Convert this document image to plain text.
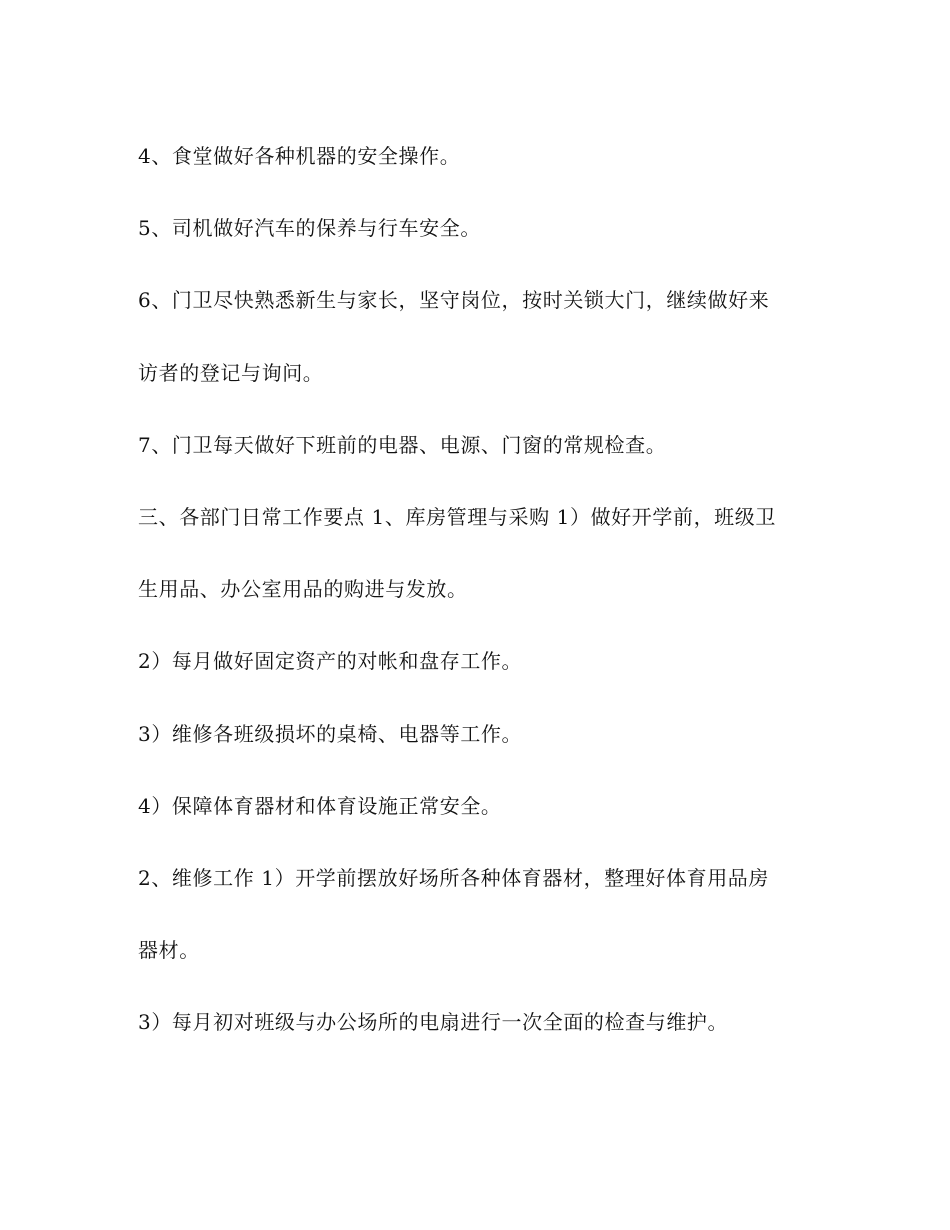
4、食堂做好各种机器的安全操作。

5、司机做好汽车的保养与行车安全。

6、门卫尽快熟悉新生与家长，坚守岗位，按时关锁大门，继续做好来

访者的登记与询问。

7、门卫每天做好下班前的电器、电源、门窗的常规检查。

三、各部门日常工作要点 1、库房管理与采购 1）做好开学前，班级卫

生用品、办公室用品的购进与发放。

2）每月做好固定资产的对帐和盘存工作。

3）维修各班级损坏的桌椅、电器等工作。

4）保障体育器材和体育设施正常安全。

2、维修工作 1）开学前摆放好场所各种体育器材，整理好体育用品房

器材。

3）每月初对班级与办公场所的电扇进行一次全面的检查与维护。
